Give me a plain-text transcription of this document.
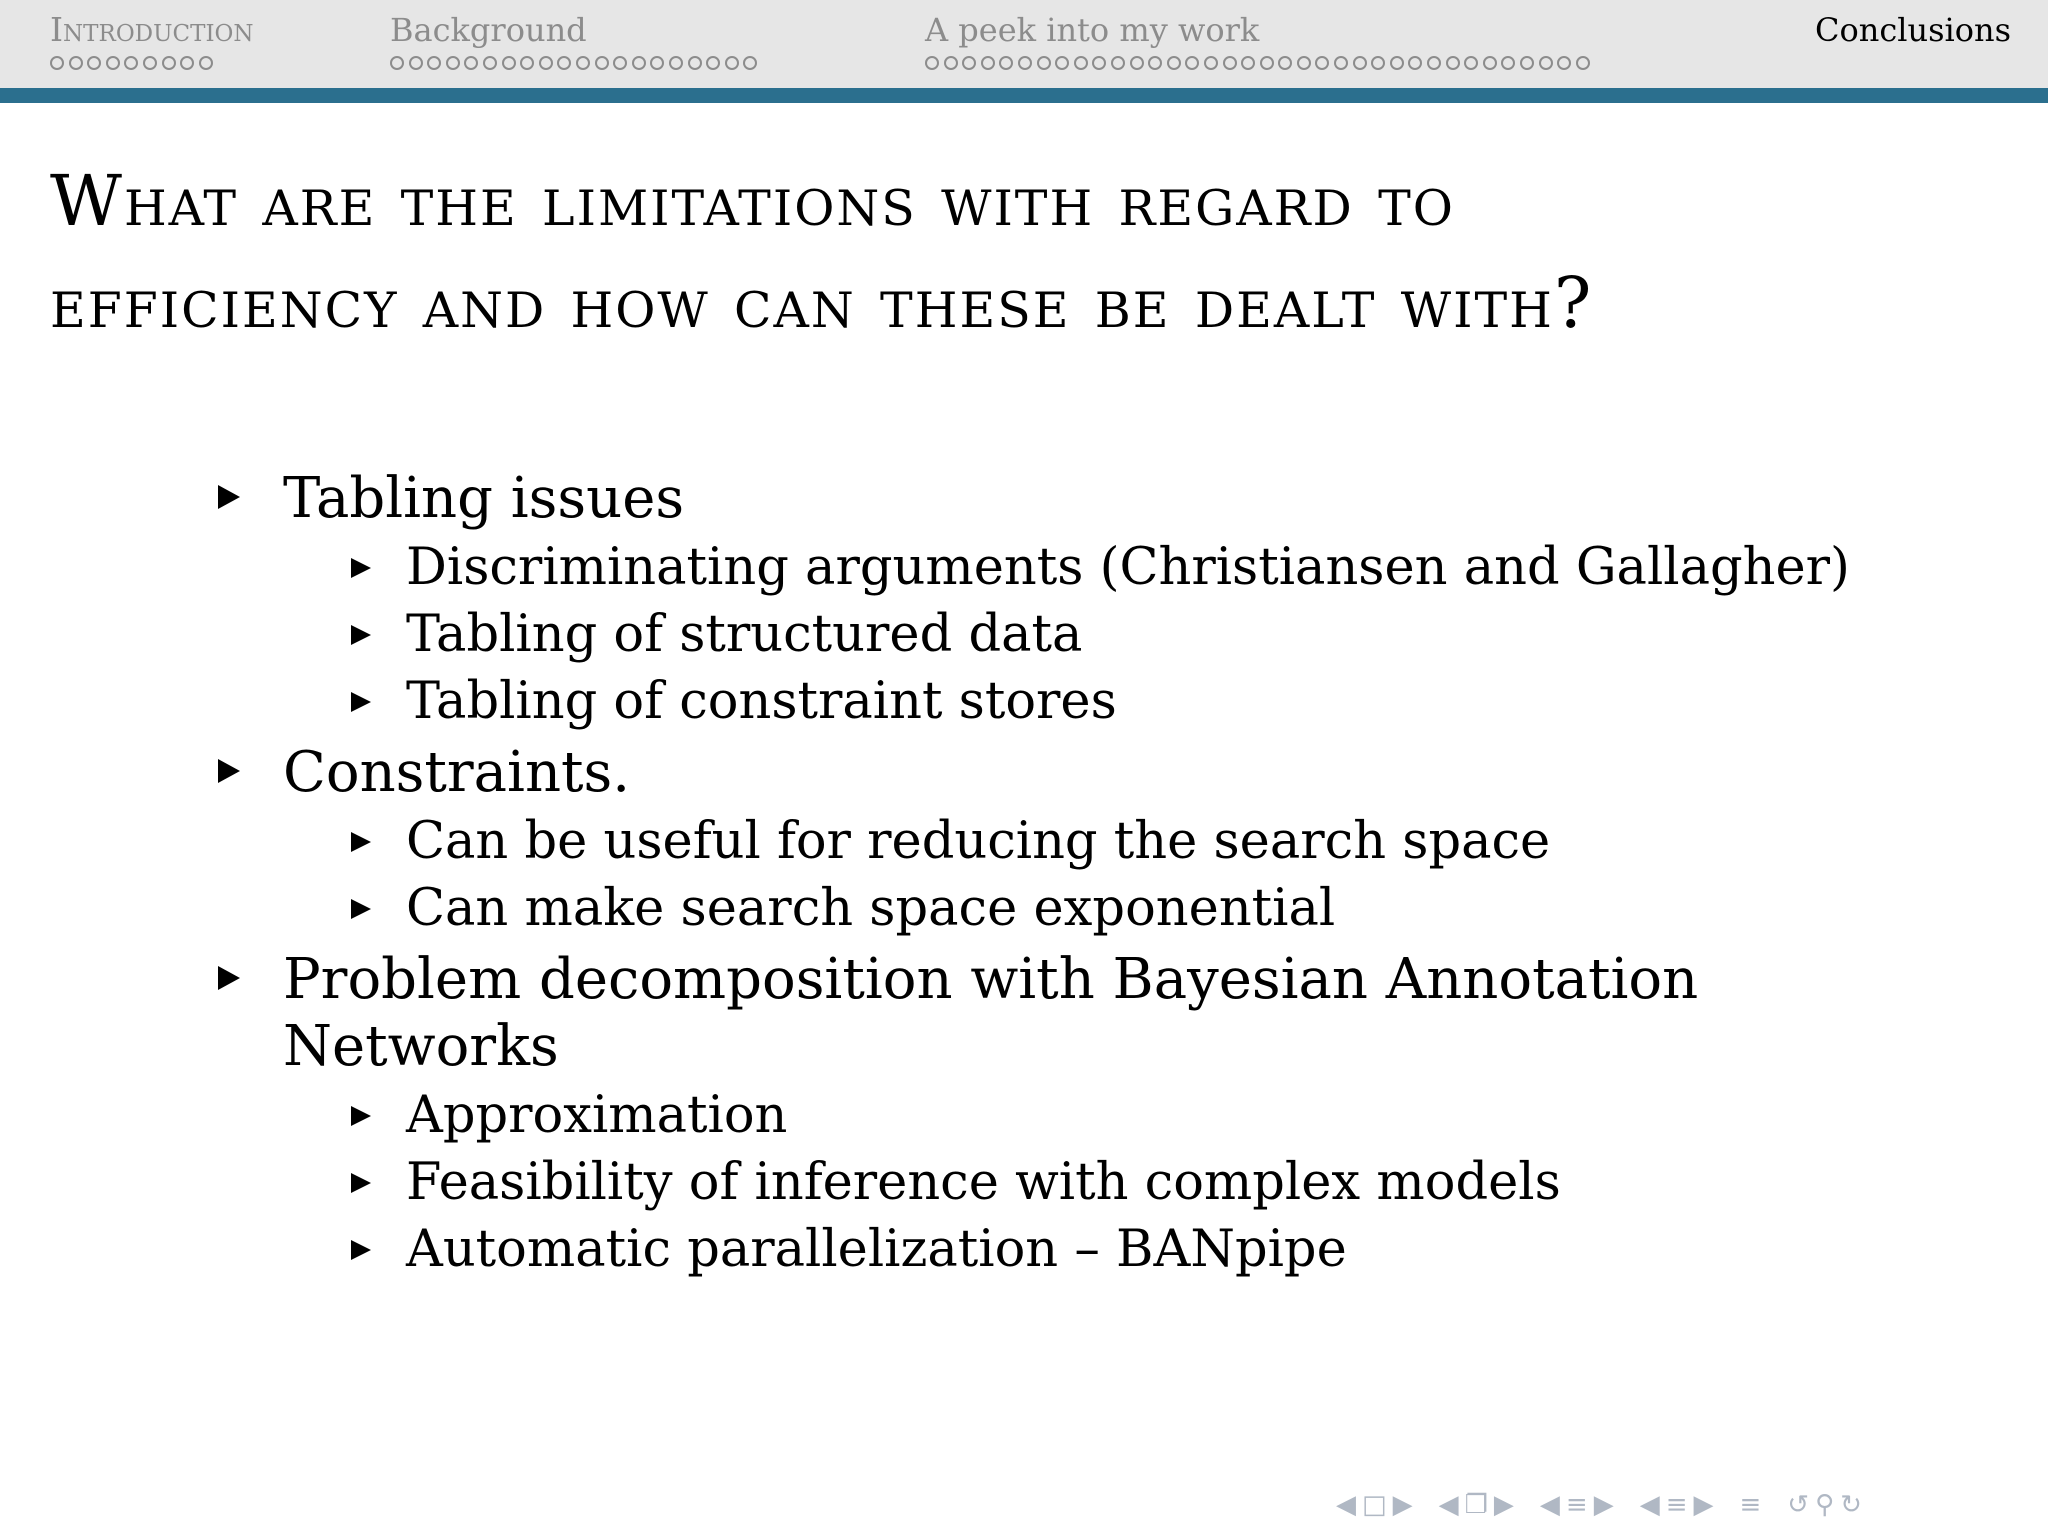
Introduction	Background	A peek into my work	Conclusions
What are the limitations with regard to
efficiency and how can these be dealt with?
Tabling issues
Discriminating arguments (Christiansen and Gallagher)
Tabling of structured data
Tabling of constraint stores
Constraints.
Can be useful for reducing the search space
Can make search space exponential
Problem decomposition with Bayesian Annotation Networks
Approximation
Feasibility of inference with complex models
Automatic parallelization – BANpipe
◀ □ ▶ ◀ ❐ ▶ ◀ ≡ ▶ ◀ ≡ ▶ ≡ ↺ ⚲ ↻
